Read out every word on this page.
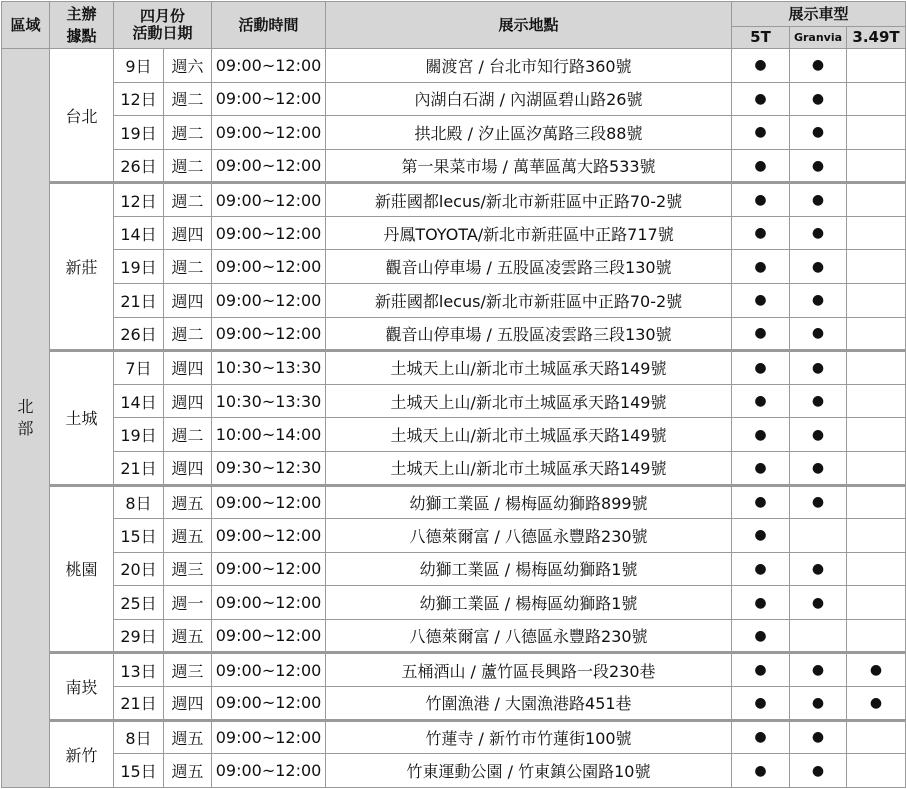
區域	主辦據點	四月份
活動日期		活動時間	展示地點	展示車型		
						5T	Granvia	3.49T
北部	台北	9日	週六	09:00~12:00	關渡宮 / 台北市知行路360號	●	●	
		12日	週二	09:00~12:00	內湖白石湖 / 內湖區碧山路26號	●	●	
		19日	週二	09:00~12:00	拱北殿 / 汐止區汐萬路三段88號	●	●	
		26日	週二	09:00~12:00	第一果菜市場 / 萬華區萬大路533號	●	●	
	新莊	12日	週二	09:00~12:00	新莊國都lecus/新北市新莊區中正路70-2號	●	●	
		14日	週四	09:00~12:00	丹鳳TOYOTA/新北市新莊區中正路717號	●	●	
		19日	週二	09:00~12:00	觀音山停車場 / 五股區凌雲路三段130號	●	●	
		21日	週四	09:00~12:00	新莊國都lecus/新北市新莊區中正路70-2號	●	●	
		26日	週二	09:00~12:00	觀音山停車場 / 五股區凌雲路三段130號	●	●	
	土城	7日	週四	10:30~13:30	土城天上山/新北市土城區承天路149號	●	●	
		14日	週四	10:30~13:30	土城天上山/新北市土城區承天路149號	●	●	
		19日	週二	10:00~14:00	土城天上山/新北市土城區承天路149號	●	●	
		21日	週四	09:30~12:30	土城天上山/新北市土城區承天路149號	●	●	
	桃園	8日	週五	09:00~12:00	幼獅工業區 / 楊梅區幼獅路899號	●	●	
		15日	週五	09:00~12:00	八德萊爾富 / 八德區永豐路230號	●		
		20日	週三	09:00~12:00	幼獅工業區 / 楊梅區幼獅路1號	●	●	
		25日	週一	09:00~12:00	幼獅工業區 / 楊梅區幼獅路1號	●	●	
		29日	週五	09:00~12:00	八德萊爾富 / 八德區永豐路230號	●		
	南崁	13日	週三	09:00~12:00	五桶酒山 / 蘆竹區長興路一段230巷	●	●	●
		21日	週四	09:00~12:00	竹圍漁港 / 大園漁港路451巷	●	●	●
	新竹	8日	週五	09:00~12:00	竹蓮寺 / 新竹市竹蓮街100號	●	●	
		15日	週五	09:00~12:00	竹東運動公園 / 竹東鎮公園路10號	●	●	
